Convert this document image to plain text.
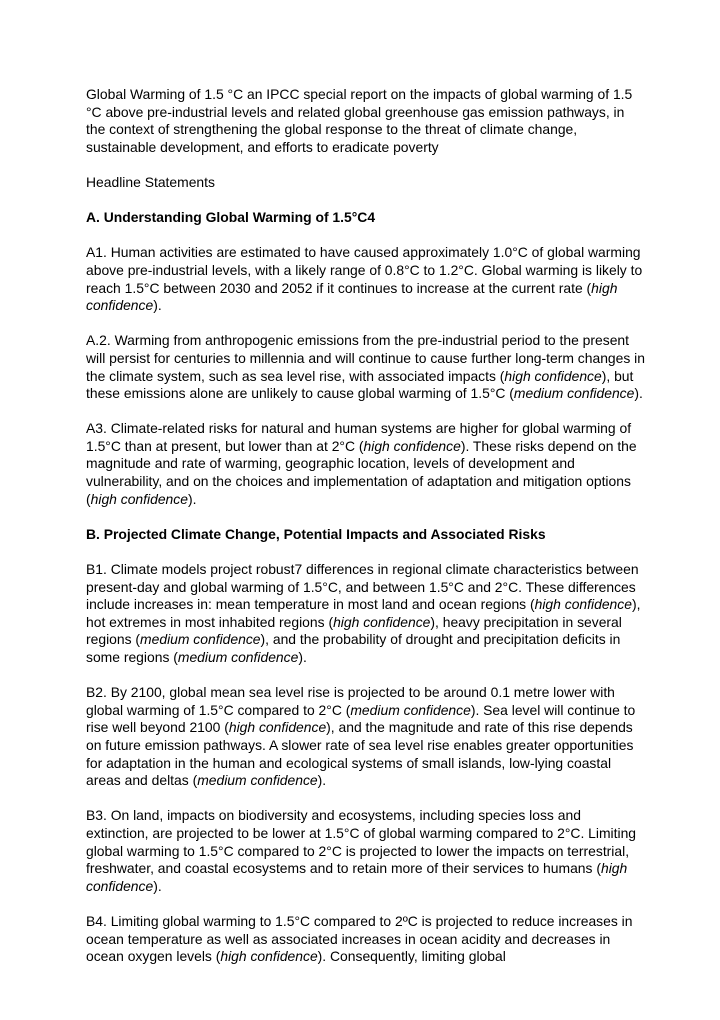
Global Warming of 1.5 °C an IPCC special report on the impacts of global warming of 1.5 °C above pre-industrial levels and related global greenhouse gas emission pathways, in the context of strengthening the global response to the threat of climate change, sustainable development, and efforts to eradicate poverty

Headline Statements

A. Understanding Global Warming of 1.5°C4

A1. Human activities are estimated to have caused approximately 1.0°C of global warming above pre-industrial levels, with a likely range of 0.8°C to 1.2°C. Global warming is likely to reach 1.5°C between 2030 and 2052 if it continues to increase at the current rate (high confidence).

A.2. Warming from anthropogenic emissions from the pre-industrial period to the present will persist for centuries to millennia and will continue to cause further long-term changes in the climate system, such as sea level rise, with associated impacts (high confidence), but these emissions alone are unlikely to cause global warming of 1.5°C (medium confidence).

A3. Climate-related risks for natural and human systems are higher for global warming of 1.5°C than at present, but lower than at 2°C (high confidence). These risks depend on the magnitude and rate of warming, geographic location, levels of development and vulnerability, and on the choices and implementation of adaptation and mitigation options (high confidence).

B. Projected Climate Change, Potential Impacts and Associated Risks

B1. Climate models project robust7 differences in regional climate characteristics between present-day and global warming of 1.5°C, and between 1.5°C and 2°C. These differences include increases in: mean temperature in most land and ocean regions (high confidence), hot extremes in most inhabited regions (high confidence), heavy precipitation in several regions (medium confidence), and the probability of drought and precipitation deficits in some regions (medium confidence).

B2. By 2100, global mean sea level rise is projected to be around 0.1 metre lower with global warming of 1.5°C compared to 2°C (medium confidence). Sea level will continue to rise well beyond 2100 (high confidence), and the magnitude and rate of this rise depends on future emission pathways. A slower rate of sea level rise enables greater opportunities for adaptation in the human and ecological systems of small islands, low-lying coastal areas and deltas (medium confidence).

B3. On land, impacts on biodiversity and ecosystems, including species loss and extinction, are projected to be lower at 1.5°C of global warming compared to 2°C. Limiting global warming to 1.5°C compared to 2°C is projected to lower the impacts on terrestrial, freshwater, and coastal ecosystems and to retain more of their services to humans (high confidence).

B4. Limiting global warming to 1.5°C compared to 2ºC is projected to reduce increases in ocean temperature as well as associated increases in ocean acidity and decreases in ocean oxygen levels (high confidence). Consequently, limiting global
